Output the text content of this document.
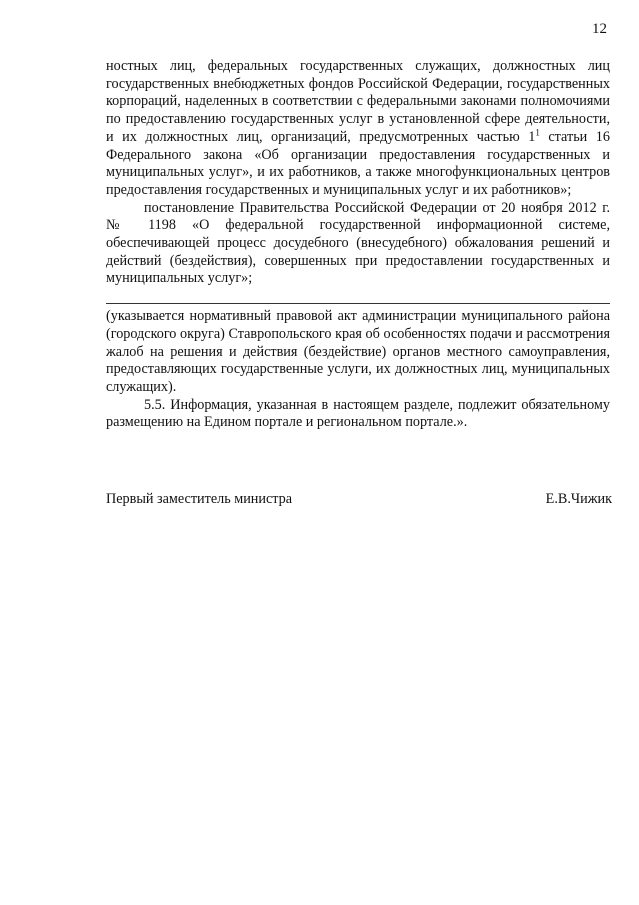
12

ностных лиц, федеральных государственных служащих, должностных лиц государственных внебюджетных фондов Российской Федерации, государственных корпораций, наделенных в соответствии с федеральными законами полномочиями по предоставлению государственных услуг в установленной сфере деятельности, и их должностных лиц, организаций, предусмотренных частью $1^1$ статьи 16 Федерального закона «Об организации предоставления государственных и муниципальных услуг», и их работников, а также многофункциональных центров предоставления государственных и муниципальных услуг и их работников»;

постановление Правительства Российской Федерации от 20 ноября 2012 г. № 1198 «О федеральной государственной информационной системе, обеспечивающей процесс досудебного (внесудебного) обжалования решений и действий (бездействия), совершенных при предоставлении государственных и муниципальных услуг»;

(указывается нормативный правовой акт администрации муниципального района (городского округа) Ставропольского края об особенностях подачи и рассмотрения жалоб на решения и действия (бездействие) органов местного самоуправления, предоставляющих государственные услуги, их должностных лиц, муниципальных служащих).

5.5. Информация, указанная в настоящем разделе, подлежит обязательному размещению на Едином портале и региональном портале.».

Первый заместитель министра	Е.В.Чижик
